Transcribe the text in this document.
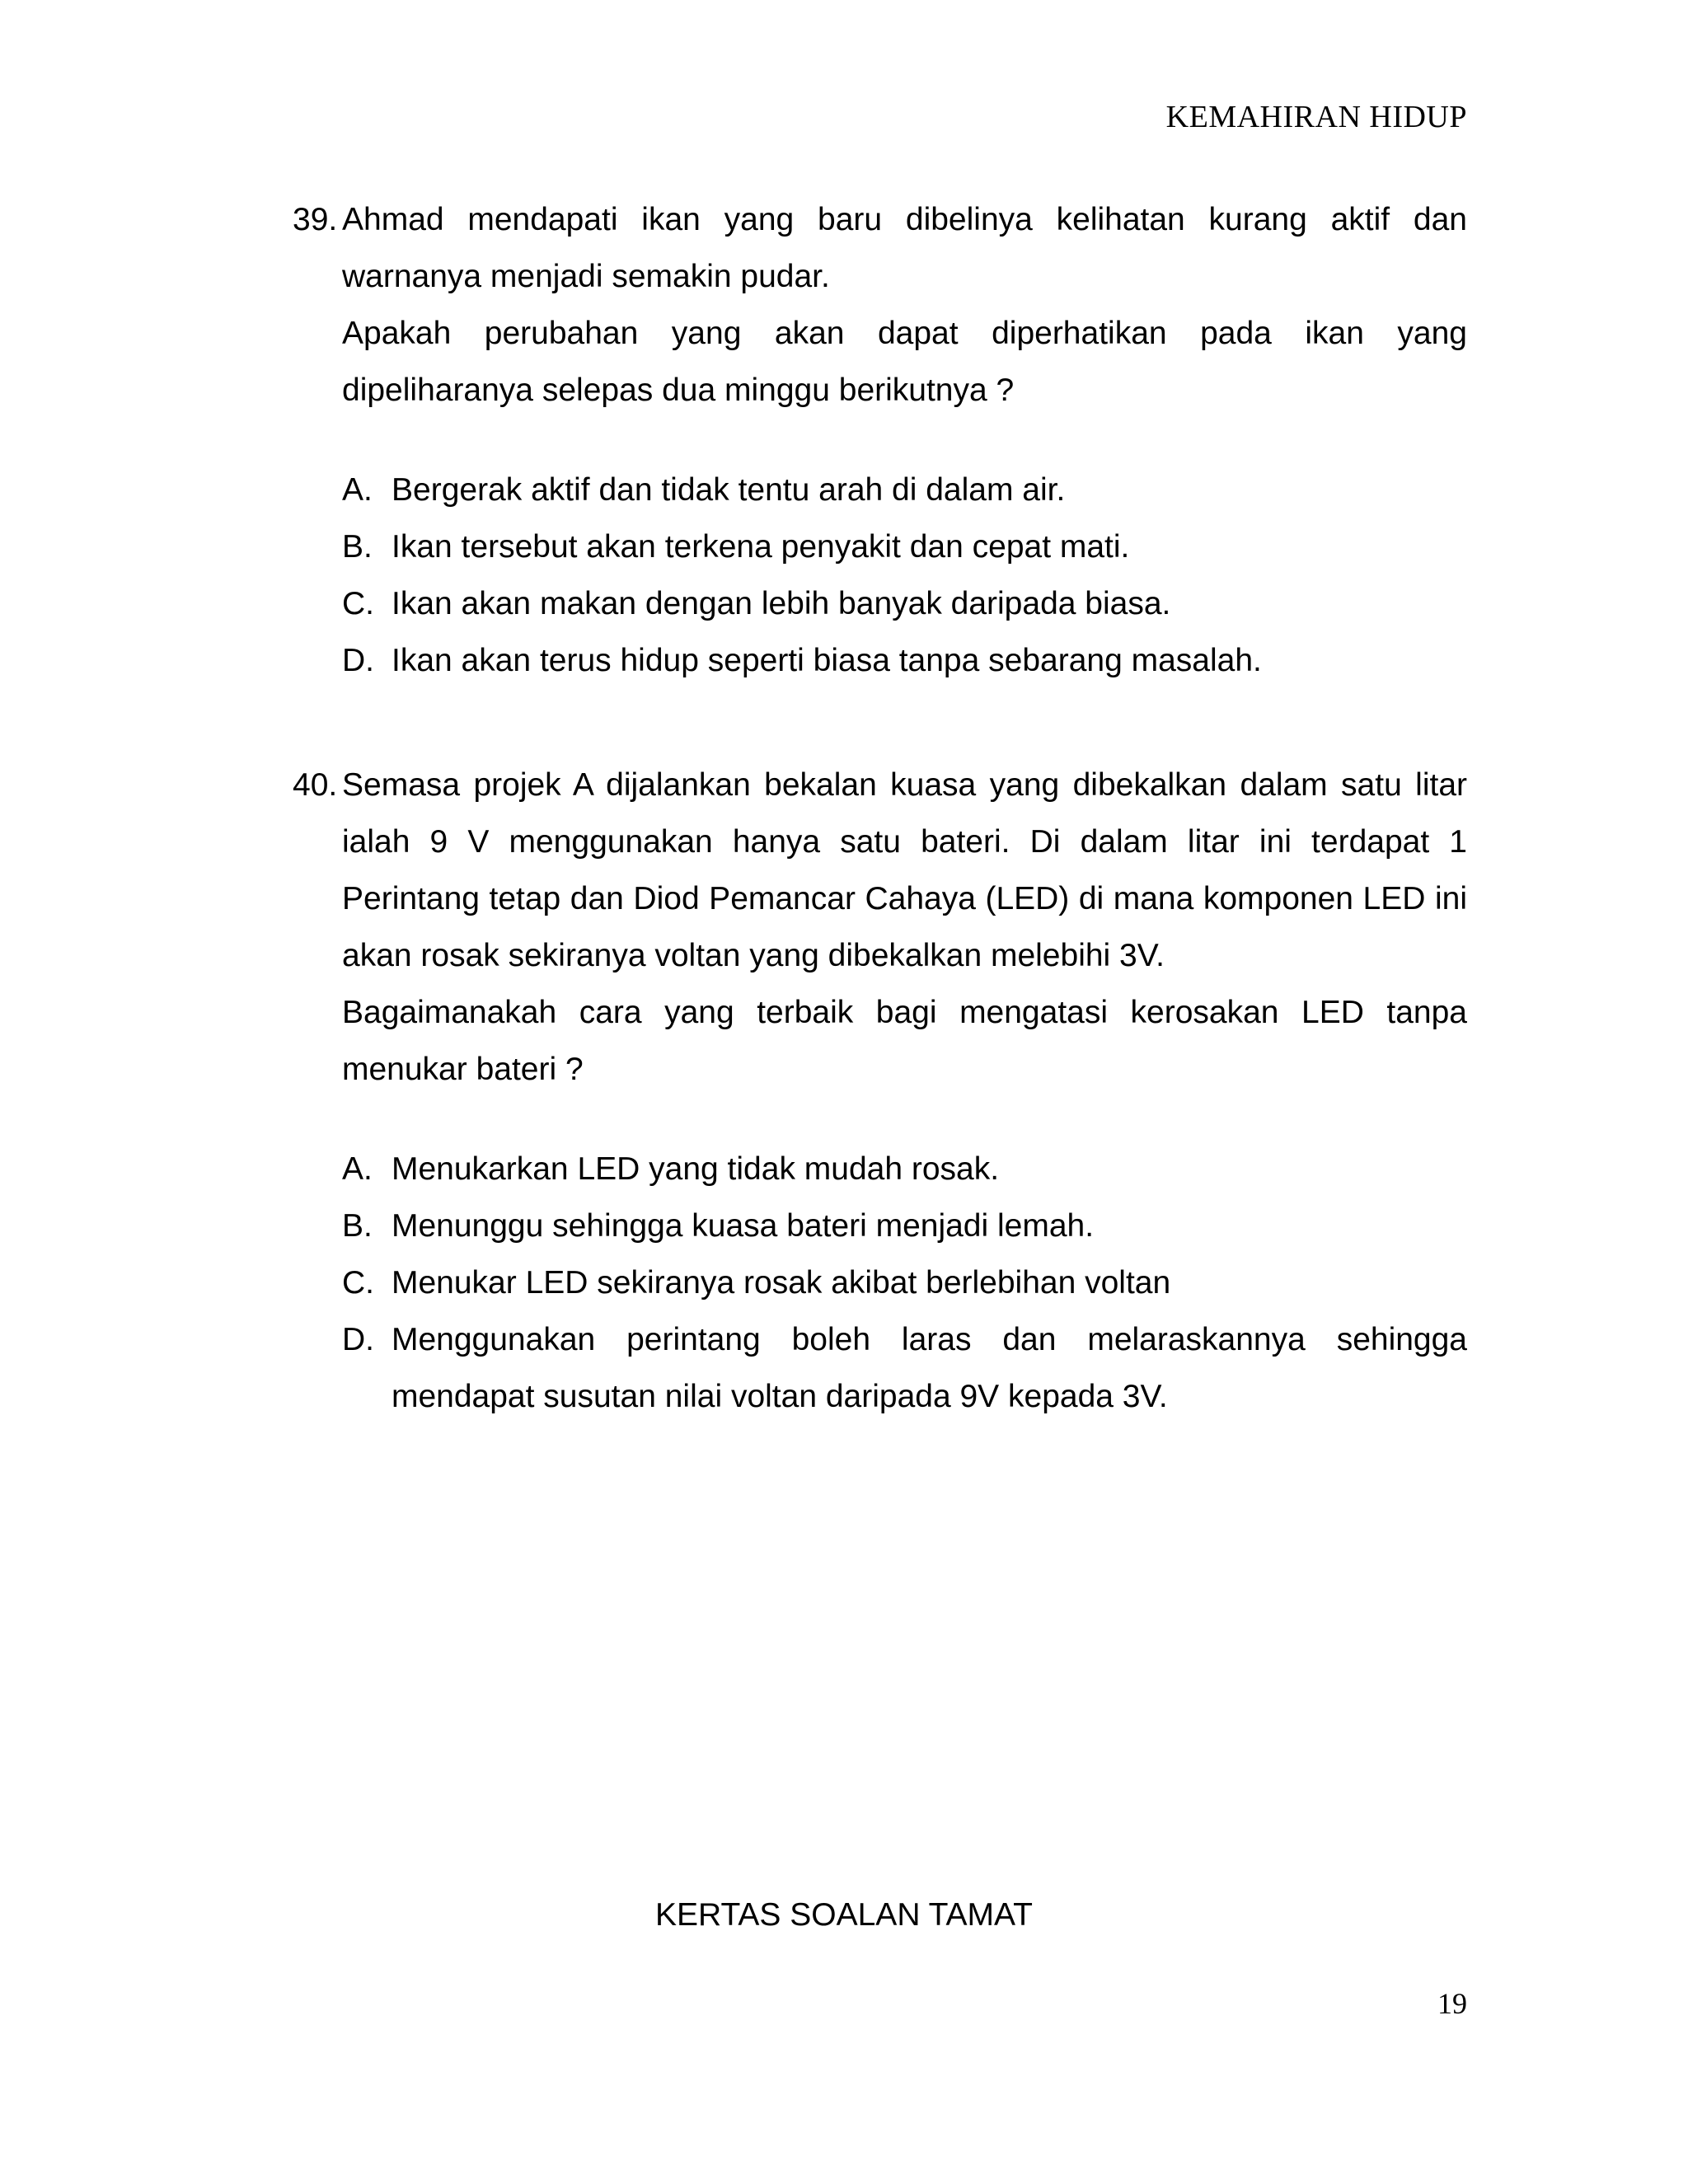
KEMAHIRAN HIDUP
39. Ahmad mendapati ikan yang baru dibelinya kelihatan kurang aktif dan warnanya menjadi semakin pudar.

Apakah perubahan yang akan dapat diperhatikan pada ikan yang dipeliharanya selepas dua minggu berikutnya ?

A. Bergerak aktif dan tidak tentu arah di dalam air.
B. Ikan tersebut akan terkena penyakit dan cepat mati.
C. Ikan akan makan dengan lebih banyak daripada biasa.
D. Ikan akan terus hidup seperti biasa tanpa sebarang masalah.
40. Semasa projek A dijalankan bekalan kuasa yang dibekalkan dalam satu litar ialah 9 V menggunakan hanya satu bateri. Di dalam litar ini terdapat 1 Perintang tetap dan Diod Pemancar Cahaya (LED) di mana komponen LED ini akan rosak sekiranya voltan yang dibekalkan melebihi 3V.

Bagaimanakah cara yang terbaik bagi mengatasi kerosakan LED tanpa menukar bateri ?

A. Menukarkan LED yang tidak mudah rosak.
B. Menunggu sehingga kuasa bateri menjadi lemah.
C. Menukar LED sekiranya rosak akibat berlebihan voltan
D. Menggunakan perintang boleh laras dan melaraskannya sehingga mendapat susutan nilai voltan daripada 9V kepada 3V.
KERTAS SOALAN TAMAT
19
